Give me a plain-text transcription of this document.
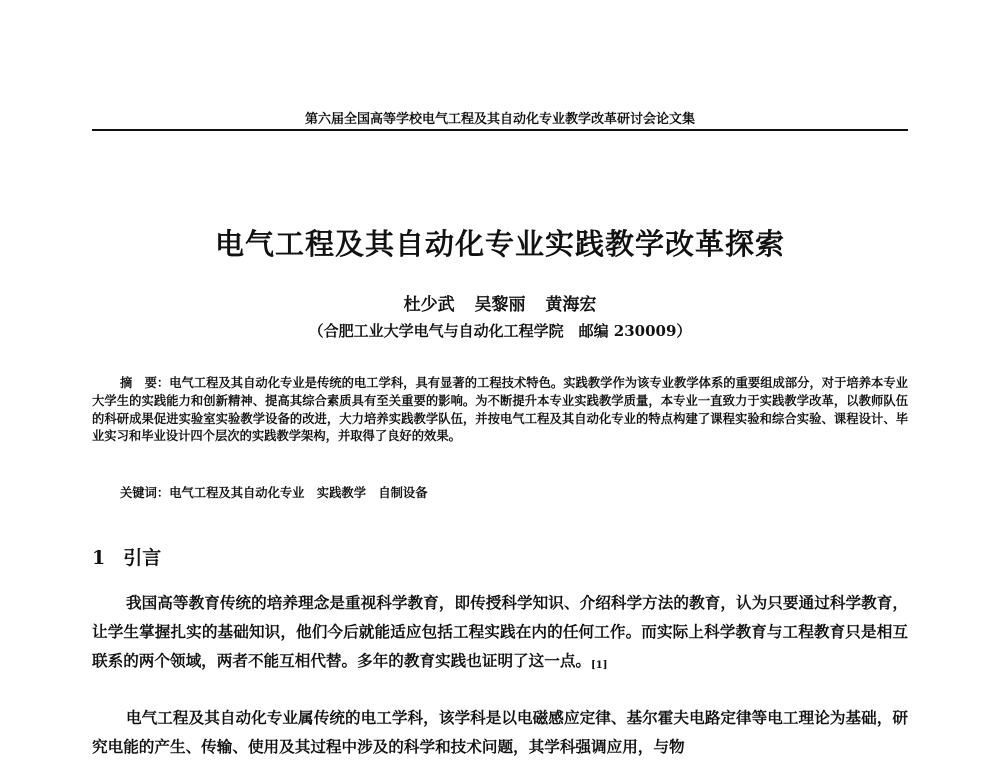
第六届全国高等学校电气工程及其自动化专业教学改革研讨会论文集
电气工程及其自动化专业实践教学改革探索
杜少武 吴黎丽 黄海宏
（合肥工业大学电气与自动化工程学院　邮编 230009）
摘　要：电气工程及其自动化专业是传统的电工学科，具有显著的工程技术特色。实践教学作为该专业教学体系的重要组成部分，对于培养本专业大学生的实践能力和创新精神、提高其综合素质具有至关重要的影响。为不断提升本专业实践教学质量，本专业一直致力于实践教学改革，以教师队伍的科研成果促进实验室实验教学设备的改进，大力培养实践教学队伍，并按电气工程及其自动化专业的特点构建了课程实验和综合实验、课程设计、毕业实习和毕业设计四个层次的实践教学架构，并取得了良好的效果。
关键词：电气工程及其自动化专业　 实践教学　 自制设备
1 引言
我国高等教育传统的培养理念是重视科学教育，即传授科学知识、介绍科学方法的教育，认为只要通过科学教育，让学生掌握扎实的基础知识，他们今后就能适应包括工程实践在内的任何工作。而实际上科学教育与工程教育只是相互联系的两个领域，两者不能互相代替。多年的教育实践也证明了这一点。[1]
电气工程及其自动化专业属传统的电工学科，该学科是以电磁感应定律、基尔霍夫电路定律等电工理论为基础，研究电能的产生、传输、使用及其过程中涉及的科学和技术问题，其学科强调应用，与物
